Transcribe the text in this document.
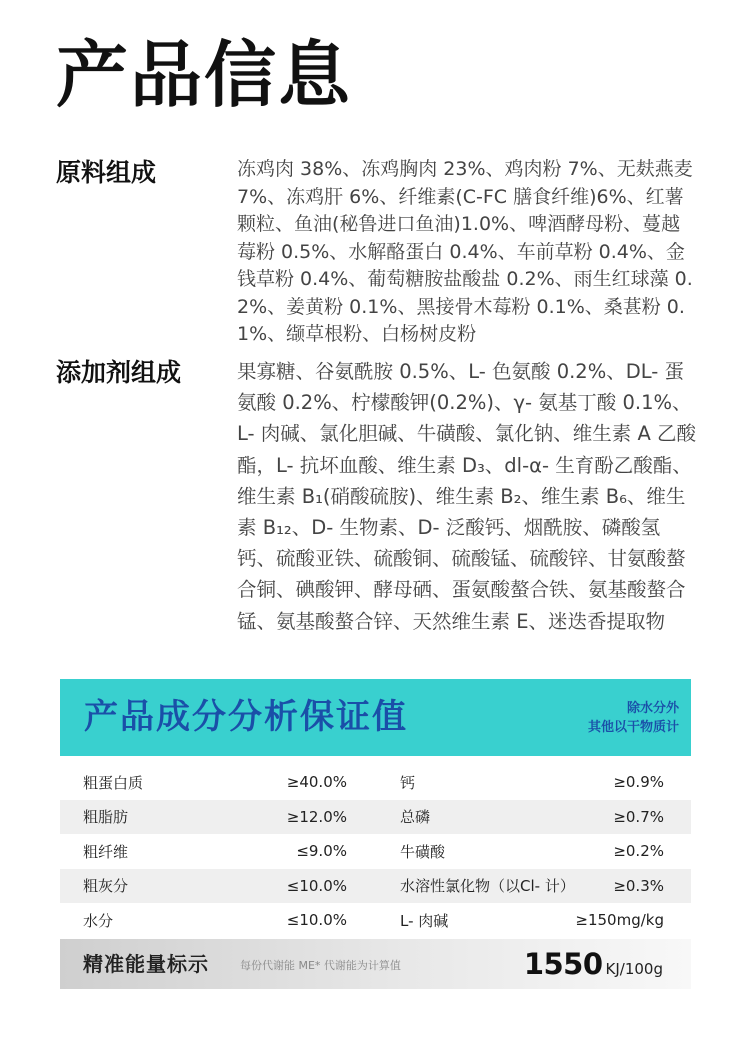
产品信息
原料组成	冻鸡肉 38%、冻鸡胸肉 23%、鸡肉粉 7%、无麸燕麦 7%、冻鸡肝 6%、纤维素(C-FC 膳食纤维)6%、红薯颗粒、鱼油(秘鲁进口鱼油)1.0%、啤酒酵母粉、蔓越莓粉 0.5%、水解酪蛋白 0.4%、车前草粉 0.4%、金钱草粉 0.4%、葡萄糖胺盐酸盐 0.2%、雨生红球藻 0.2%、姜黄粉 0.1%、黑接骨木莓粉 0.1%、桑葚粉 0.1%、缬草根粉、白杨树皮粉
添加剂组成	果寡糖、谷氨酰胺 0.5%、L- 色氨酸 0.2%、DL- 蛋氨酸 0.2%、柠檬酸钾(0.2%)、γ- 氨基丁酸 0.1%、L- 肉碱、氯化胆碱、牛磺酸、氯化钠、维生素 A 乙酸酯，L- 抗坏血酸、维生素 D₃、dl-α- 生育酚乙酸酯、维生素 B₁(硝酸硫胺)、维生素 B₂、维生素 B₆、维生素 B₁₂、D- 生物素、D- 泛酸钙、烟酰胺、磷酸氢钙、硫酸亚铁、硫酸铜、硫酸锰、硫酸锌、甘氨酸螯合铜、碘酸钾、酵母硒、蛋氨酸螯合铁、氨基酸螯合锰、氨基酸螯合锌、天然维生素 E、迷迭香提取物
产品成分分析保证值	除水分外
其他以干物质计
粗蛋白质	≥40.0%	钙	≥0.9%
粗脂肪	≥12.0%	总磷	≥0.7%
粗纤维	≤9.0%	牛磺酸	≥0.2%
粗灰分	≤10.0%	水溶性氯化物（以Cl- 计）	≥0.3%
水分	≤10.0%	L- 肉碱	≥150mg/kg
精准能量标示	每份代谢能 ME* 代谢能为计算值	1550 KJ/100g
